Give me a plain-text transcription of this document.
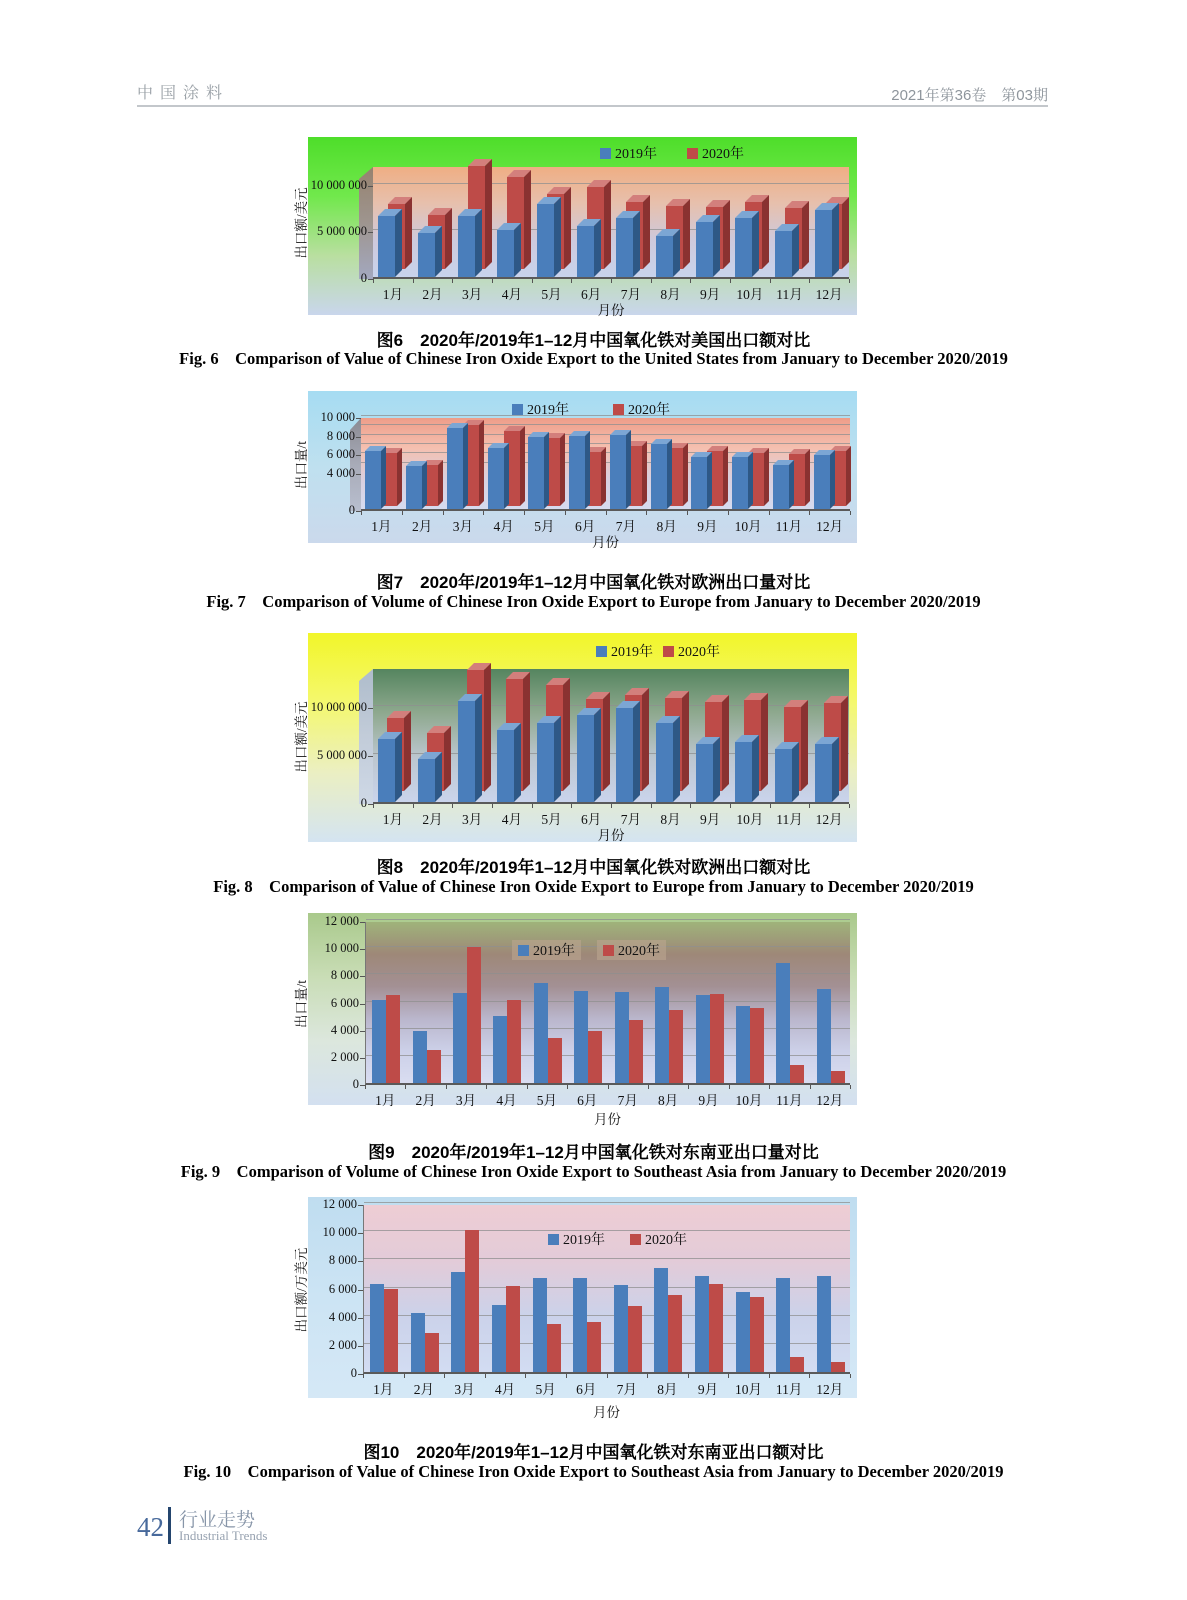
中国涂料	2021年第36卷　第03期
0
5 000 000
10 000 000
1月	2月	3月	4月	5月	6月	7月	8月	9月	10月 11月 12月
出口额/美元
月份
2019年	2020年
图6  2020年/2019年1–12月中国氧化铁对美国出口额对比
Fig. 6  Comparison of Value of Chinese Iron Oxide Export to the United States from January to December 2020/2019
0
4 000
6 000
8 000
10 000
1月	2月	3月	4月	5月	6月	7月	8月	9月	10月	11月	12月
出口量/t
月份
2019年	2020年
图7  2020年/2019年1–12月中国氧化铁对欧洲出口量对比
Fig. 7  Comparison of Volume of Chinese Iron Oxide Export to Europe from January to December 2020/2019
0
5 000 000
10 000 000
1月	2月	3月	4月	5月	6月	7月	8月	9月	10月 11月 12月
出口额/美元
月份
2019年 2020年
图8  2020年/2019年1–12月中国氧化铁对欧洲出口额对比
Fig. 8  Comparison of Value of Chinese Iron Oxide Export to Europe from January to December 2020/2019
0
2 000
4 000
6 000
8 000
10 000
12 000
1月	2月	3月	4月	5月	6月	7月	8月	9月	10月	11月	12月
出口量/t
月份
2019年	2020年
图9  2020年/2019年1–12月中国氧化铁对东南亚出口量对比
Fig. 9  Comparison of Volume of Chinese Iron Oxide Export to Southeast Asia from January to December 2020/2019
0
2 000
4 000
6 000
8 000
10 000
12 000
1月	2月	3月	4月	5月	6月	7月	8月	9月	10月	11月	12月
出口额/万美元
月份
2019年	2020年
图10  2020年/2019年1–12月中国氧化铁对东南亚出口额对比
Fig. 10  Comparison of Value of Chinese Iron Oxide Export to Southeast Asia from January to December 2020/2019
42 行业走势
Industrial Trends
